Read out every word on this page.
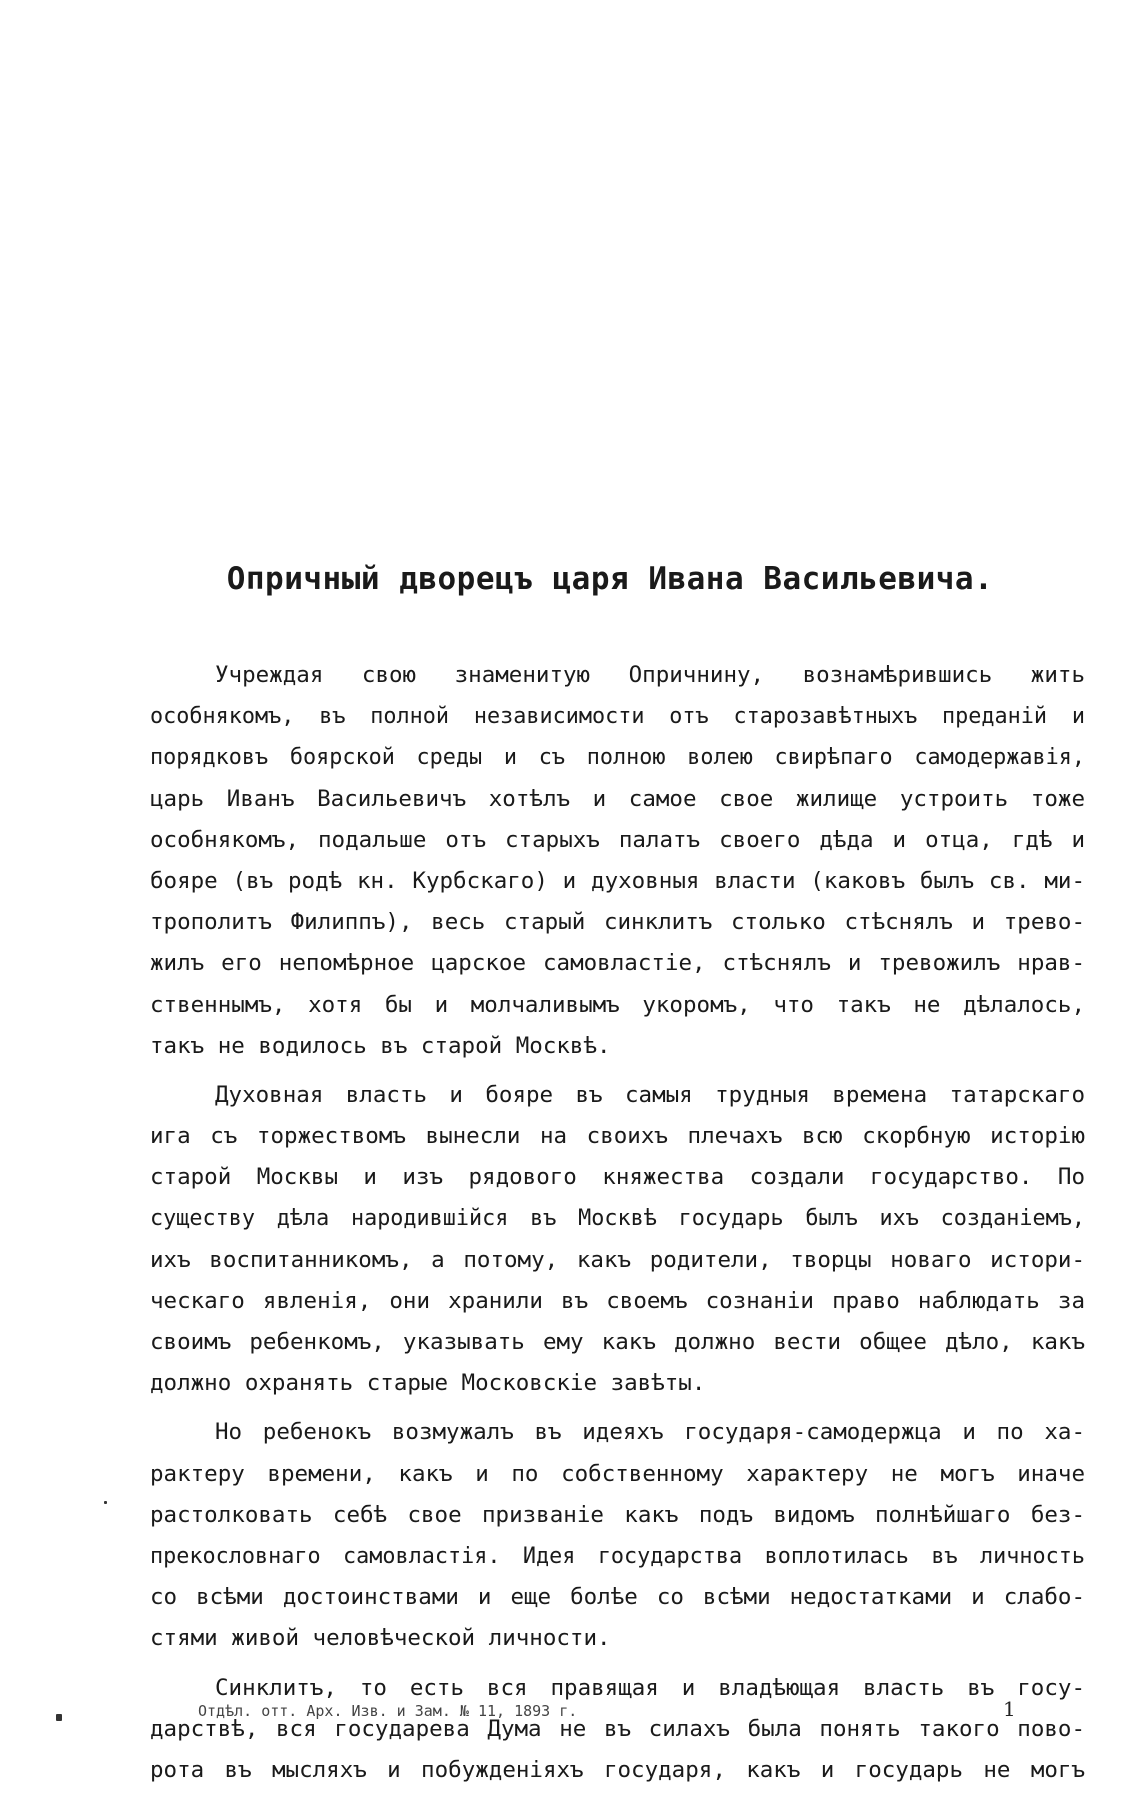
Опричный дворецъ царя Ивана Васильевича.
Учреждая свою знаменитую Опричнину, вознамѣрившись жить
особнякомъ, въ полной независимости отъ старозавѣтныхъ преданій и
порядковъ боярской среды и съ полною волею свирѣпаго самодержавія,
царь Иванъ Васильевичъ хотѣлъ и самое свое жилище устроить тоже
особнякомъ, подальше отъ старыхъ палатъ своего дѣда и отца, гдѣ и
бояре (въ родѣ кн. Курбскаго) и духовныя власти (каковъ былъ св. ми-
трополитъ Филиппъ), весь старый синклитъ столько стѣснялъ и трево-
жилъ его непомѣрное царское самовластіе, стѣснялъ и тревожилъ нрав-
ственнымъ, хотя бы и молчаливымъ укоромъ, что такъ не дѣлалось,
такъ не водилось въ старой Москвѣ.
Духовная власть и бояре въ самыя трудныя времена татарскаго
ига съ торжествомъ вынесли на своихъ плечахъ всю скорбную исторію
старой Москвы и изъ рядового княжества создали государство. По
существу дѣла народившійся въ Москвѣ государь былъ ихъ созданіемъ,
ихъ воспитанникомъ, а потому, какъ родители, творцы новаго истори-
ческаго явленія, они хранили въ своемъ сознаніи право наблюдать за
своимъ ребенкомъ, указывать ему какъ должно вести общее дѣло, какъ
должно охранять старые Московскіе завѣты.
Но ребенокъ возмужалъ въ идеяхъ государя-самодержца и по ха-
рактеру времени, какъ и по собственному характеру не могъ иначе
растолковать себѣ свое призваніе какъ подъ видомъ полнѣйшаго без-
прекословнаго самовластія. Идея государства воплотилась въ личность
со всѣми достоинствами и еще болѣе со всѣми недостатками и слабо-
стями живой человѣческой личности.
Синклитъ, то есть вся правящая и владѣющая власть въ госу-
дарствѣ, вся государева Дума не въ силахъ была понять такого пово-
рота въ мысляхъ и побужденіяхъ государя, какъ и государь не могъ
Отдѣл. отт. Арх. Изв. и Зам. № 11, 1893 г.	1
